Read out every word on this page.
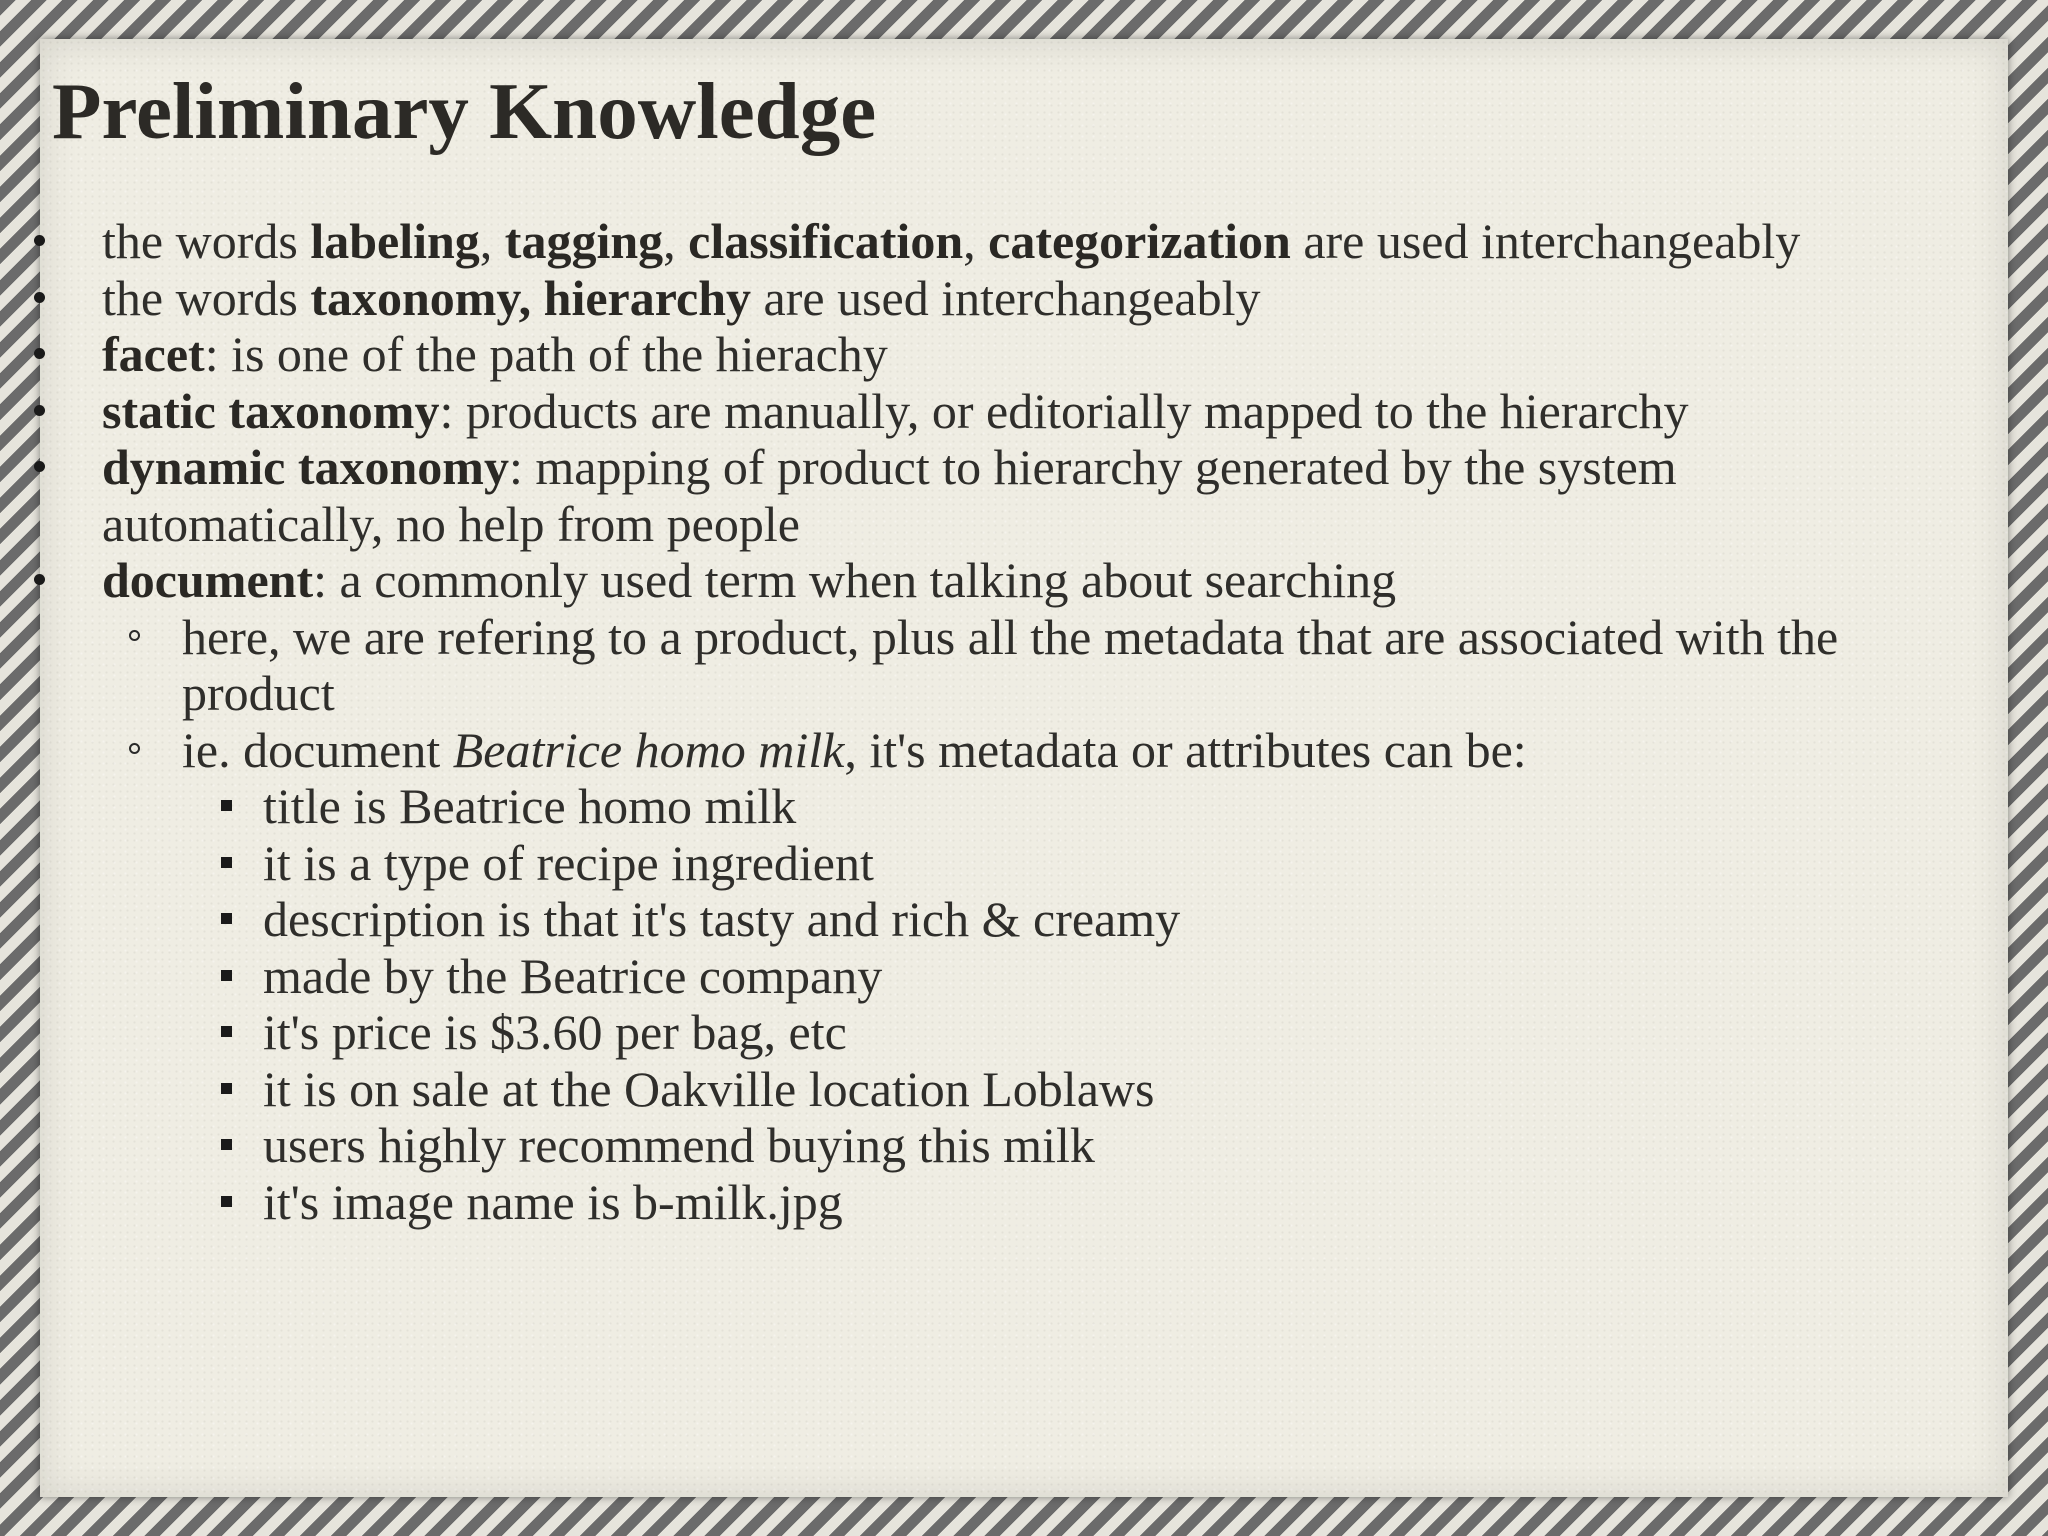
Preliminary Knowledge

the words labeling, tagging, classification, categorization are used interchangeably

the words taxonomy, hierarchy are used interchangeably

facet: is one of the path of the hierachy

static taxonomy: products are manually, or editorially mapped to the hierarchy

dynamic taxonomy: mapping of product to hierarchy generated by the system

automatically, no help from people

document: a commonly used term when talking about searching

here, we are refering to a product, plus all the metadata that are associated with the

product

ie. document Beatrice homo milk, it's metadata or attributes can be:

title is Beatrice homo milk

it is a type of recipe ingredient

description is that it's tasty and rich & creamy

made by the Beatrice company

it's price is $3.60 per bag, etc

it is on sale at the Oakville location Loblaws

users highly recommend buying this milk

it's image name is b-milk.jpg
